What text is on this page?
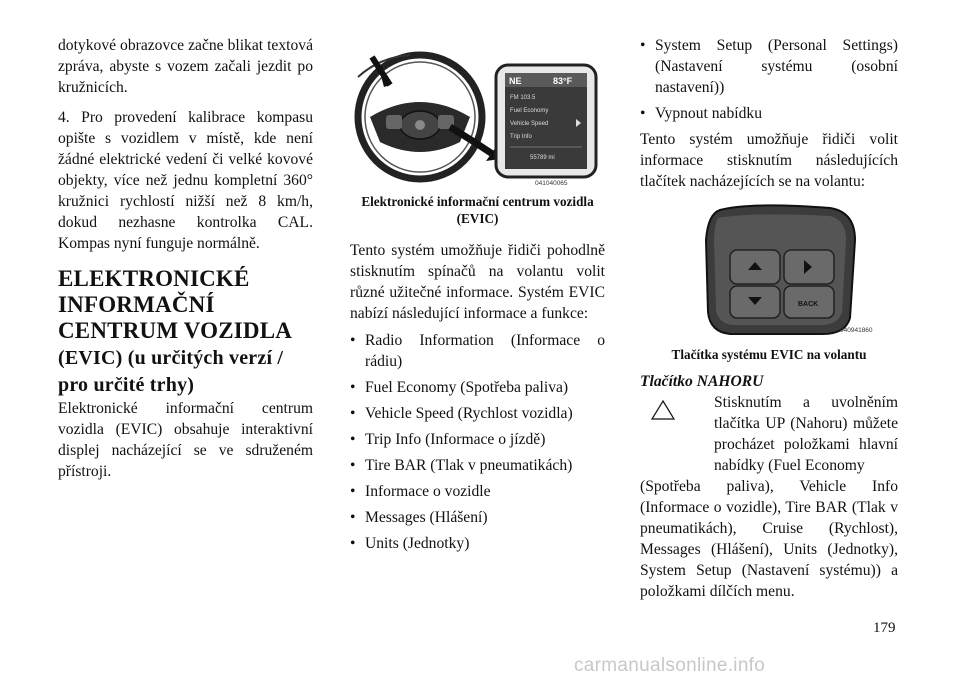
dotykové obrazovce začne blikat textová zpráva, abyste s vozem začali jezdit po kružnicích.

4. Pro provedení kalibrace kompasu opište s vozidlem v místě, kde není žádné elektrické vedení či velké kovové objekty, více než jednu kompletní 360° kružnici rychlostí nižší než 8 km/h, dokud nezhasne kontrolka CAL. Kompas nyní funguje normálně.

ELEKTRONICKÉ
INFORMAČNÍ
CENTRUM VOZIDLA
(EVIC) (u určitých verzí /
pro určité trhy)

Elektronické informační centrum vozidla (EVIC) obsahuje interaktivní displej nacházející se ve sdruženém přístroji.

NE	83°F
FM 103.5
Fuel Economy
Vehicle Speed
Trip Info
55789 mi
041040065
Elektronické informační centrum vozidla (EVIC)

Tento systém umožňuje řidiči pohodlně stisknutím spínačů na volantu volit různé užitečné informace. Systém EVIC nabízí následující informace a funkce:

• Radio Information (Informace o rádiu)
• Fuel Economy (Spotřeba paliva)
• Vehicle Speed (Rychlost vozidla)
• Trip Info (Informace o jízdě)
• Tire BAR (Tlak v pneumatikách)
• Informace o vozidle
• Messages (Hlášení)
• Units (Jednotky)
• System Setup (Personal Settings) (Nastavení systému (osobní nastavení))
• Vypnout nabídku

Tento systém umožňuje řidiči volit informace stisknutím následujících tlačítek nacházejících se na volantu:

BACK
040941860
Tlačítka systému EVIC na volantu
Tlačítko NAHORU

Stisknutím a uvolněním tlačítka UP (Nahoru) můžete procházet položkami hlavní nabídky (Fuel Economy

(Spotřeba paliva), Vehicle Info (Informace o vozidle), Tire BAR (Tlak v pneumatikách), Cruise (Rychlost), Messages (Hlášení), Units (Jednotky), System Setup (Nastavení systému)) a položkami dílčích menu.

179
carmanualsonline.info
